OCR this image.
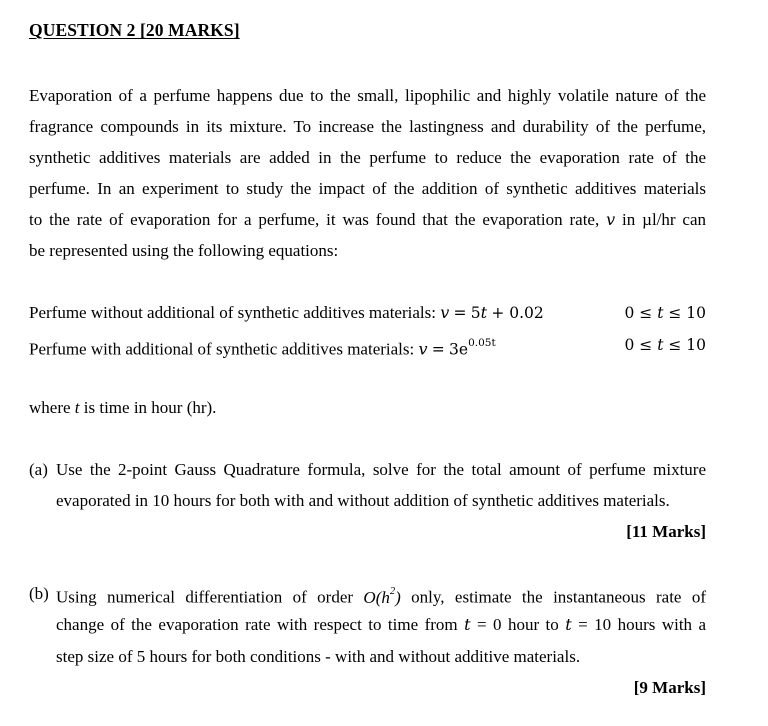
QUESTION 2 [20 MARKS]
Evaporation of a perfume happens due to the small, lipophilic and highly volatile nature of the
fragrance compounds in its mixture. To increase the lastingness and durability of the perfume,
synthetic additives materials are added in the perfume to reduce the evaporation rate of the
perfume. In an experiment to study the impact of the addition of synthetic additives materials
to the rate of evaporation for a perfume, it was found that the evaporation rate, v in µl/hr can
be represented using the following equations:
Perfume without additional of synthetic additives materials: v = 5t + 0.02	0 ≤ t ≤ 10
Perfume with additional of synthetic additives materials: $v = 3e^{0.05t}$	0 ≤ t ≤ 10
where t is time in hour (hr).
(a) Use the 2-point Gauss Quadrature formula, solve for the total amount of perfume mixture
evaporated in 10 hours for both with and without addition of synthetic additives materials.
[11 Marks]
(b) Using numerical differentiation of order $O(h^2)$ only, estimate the instantaneous rate of
change of the evaporation rate with respect to time from t = 0 hour to t = 10 hours with a
step size of 5 hours for both conditions - with and without additive materials.
[9 Marks]
